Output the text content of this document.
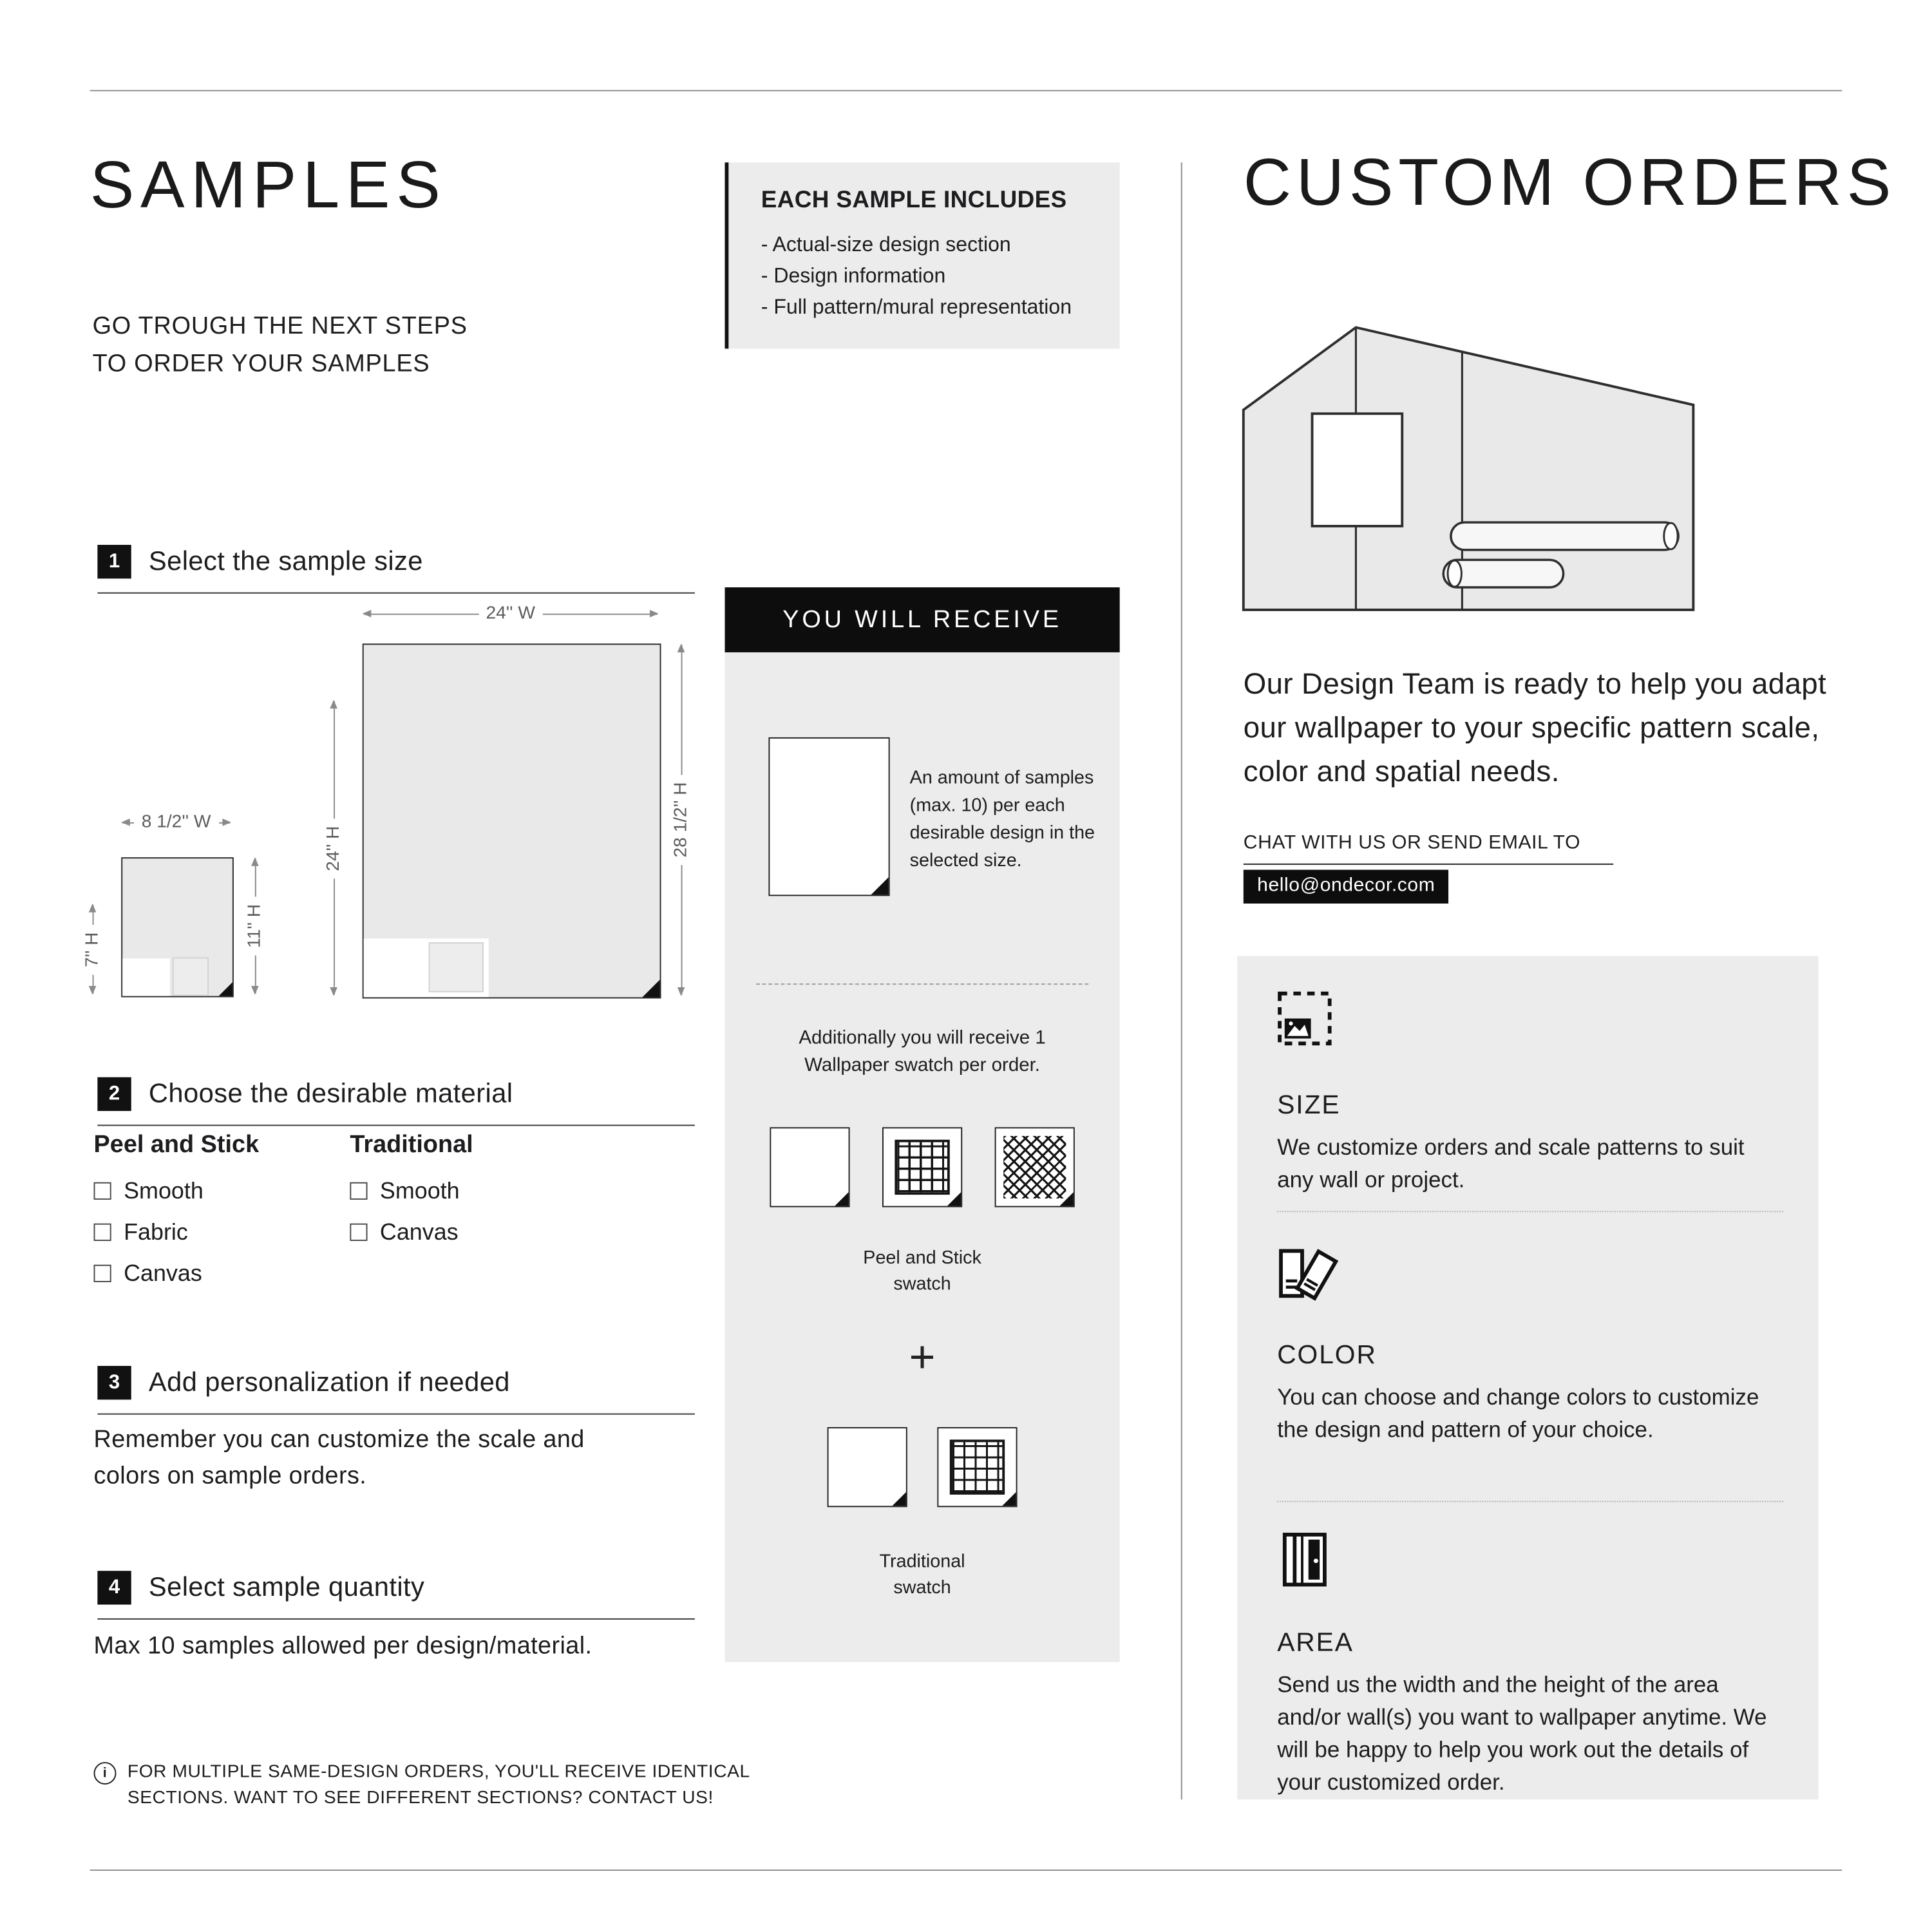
SAMPLES
GO TROUGH THE NEXT STEPS
TO ORDER YOUR SAMPLES
EACH SAMPLE INCLUDES
- Actual-size design section
- Design information
- Full pattern/mural representation
1	Select the sample size
8 1/2'' W
7'' H
11'' H
24'' W
24'' H	28 1/2'' H
2	Choose the desirable material
Peel and Stick
Smooth
Fabric
Canvas
Traditional
Smooth
Canvas
3	Add personalization if needed
Remember you can customize the scale and colors on sample orders.
4	Select sample quantity
Max 10 samples allowed per design/material.
i
FOR MULTIPLE SAME-DESIGN ORDERS, YOU'LL RECEIVE IDENTICAL
SECTIONS. WANT TO SEE DIFFERENT SECTIONS? CONTACT US!
YOU WILL RECEIVE
An amount of samples (max. 10) per each desirable design in the selected size.
Additionally you will receive 1 Wallpaper swatch per order.
Peel and Stick swatch
+
Traditional swatch
CUSTOM ORDERS
Our Design Team is ready to help you adapt our wallpaper to your specific pattern scale, color and spatial needs.
CHAT WITH US OR SEND EMAIL TO
hello@ondecor.com
SIZE
We customize orders and scale patterns to suit any wall or project.
COLOR
You can choose and change colors to customize the design and pattern of your choice.
AREA
Send us the width and the height of the area and/or wall(s) you want to wallpaper anytime. We will be happy to help you work out the details of your customized order.
